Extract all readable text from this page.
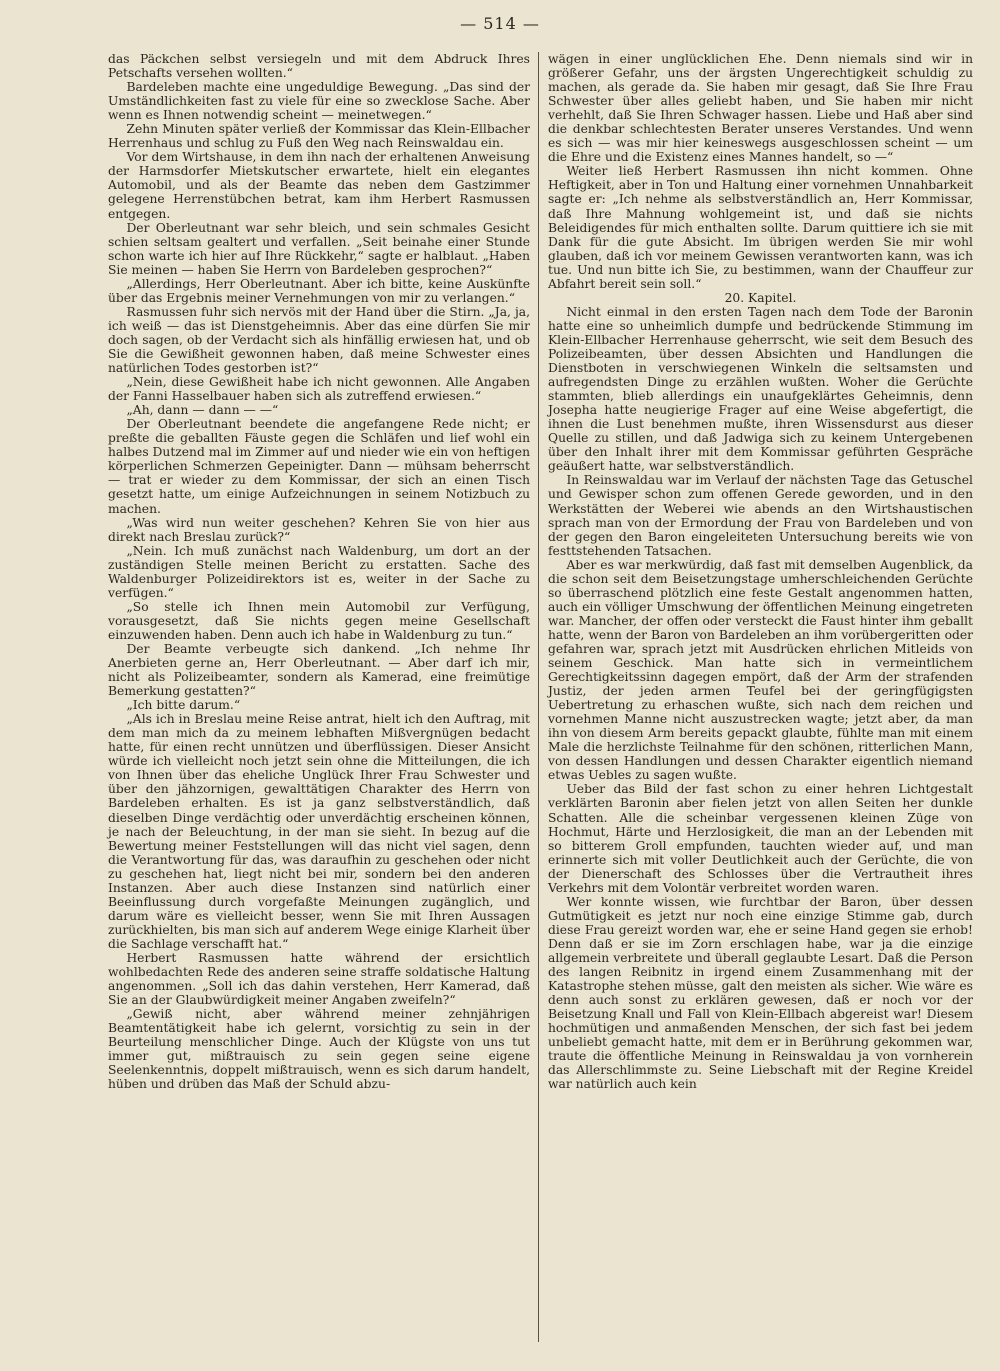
— 514 —

das Päckchen selbst versiegeln und mit dem Abdruck Ihres Petschafts versehen wollten.“

Bardeleben machte eine ungeduldige Bewegung. „Das sind der Umständlichkeiten fast zu viele für eine so zwecklose Sache. Aber wenn es Ihnen notwendig scheint — meinetwegen.“

Zehn Minuten später verließ der Kommissar das Klein-Ellbacher Herrenhaus und schlug zu Fuß den Weg nach Reinswaldau ein.

Vor dem Wirtshause, in dem ihn nach der erhaltenen Anweisung der Harmsdorfer Mietskutscher erwartete, hielt ein elegantes Automobil, und als der Beamte das neben dem Gastzimmer gelegene Herrenstübchen betrat, kam ihm Herbert Rasmussen entgegen.

Der Oberleutnant war sehr bleich, und sein schmales Gesicht schien seltsam gealtert und verfallen. „Seit beinahe einer Stunde schon warte ich hier auf Ihre Rückkehr,“ sagte er halblaut. „Haben Sie meinen — haben Sie Herrn von Bardeleben gesprochen?“

„Allerdings, Herr Oberleutnant. Aber ich bitte, keine Auskünfte über das Ergebnis meiner Vernehmungen von mir zu verlangen.“

Rasmussen fuhr sich nervös mit der Hand über die Stirn. „Ja, ja, ich weiß — das ist Dienstgeheimnis. Aber das eine dürfen Sie mir doch sagen, ob der Verdacht sich als hinfällig erwiesen hat, und ob Sie die Gewißheit gewonnen haben, daß meine Schwester eines natürlichen Todes gestorben ist?“

„Nein, diese Gewißheit habe ich nicht gewonnen. Alle Angaben der Fanni Hasselbauer haben sich als zutreffend erwiesen.“

„Ah, dann — dann — —“

Der Oberleutnant beendete die angefangene Rede nicht; er preßte die geballten Fäuste gegen die Schläfen und lief wohl ein halbes Dutzend mal im Zimmer auf und nieder wie ein von heftigen körperlichen Schmerzen Gepeinigter. Dann — mühsam beherrscht — trat er wieder zu dem Kommissar, der sich an einen Tisch gesetzt hatte, um einige Aufzeichnungen in seinem Notizbuch zu machen.

„Was wird nun weiter geschehen? Kehren Sie von hier aus direkt nach Breslau zurück?“

„Nein. Ich muß zunächst nach Waldenburg, um dort an der zuständigen Stelle meinen Bericht zu erstatten. Sache des Waldenburger Polizeidirektors ist es, weiter in der Sache zu verfügen.“

„So stelle ich Ihnen mein Automobil zur Verfügung, vorausgesetzt, daß Sie nichts gegen meine Gesellschaft einzuwenden haben. Denn auch ich habe in Waldenburg zu tun.“

Der Beamte verbeugte sich dankend. „Ich nehme Ihr Anerbieten gerne an, Herr Oberleutnant. — Aber darf ich mir, nicht als Polizeibeamter, sondern als Kamerad, eine freimütige Bemerkung gestatten?“

„Ich bitte darum.“

„Als ich in Breslau meine Reise antrat, hielt ich den Auftrag, mit dem man mich da zu meinem lebhaften Mißvergnügen bedacht hatte, für einen recht unnützen und überflüssigen. Dieser Ansicht würde ich vielleicht noch jetzt sein ohne die Mitteilungen, die ich von Ihnen über das eheliche Unglück Ihrer Frau Schwester und über den jähzornigen, gewalttätigen Charakter des Herrn von Bardeleben erhalten. Es ist ja ganz selbstverständlich, daß dieselben Dinge verdächtig oder unverdächtig erscheinen können, je nach der Beleuchtung, in der man sie sieht. In bezug auf die Bewertung meiner Feststellungen will das nicht viel sagen, denn die Verantwortung für das, was daraufhin zu geschehen oder nicht zu geschehen hat, liegt nicht bei mir, sondern bei den anderen Instanzen. Aber auch diese Instanzen sind natürlich einer Beeinflussung durch vorgefaßte Meinungen zugänglich, und darum wäre es vielleicht besser, wenn Sie mit Ihren Aussagen zurückhielten, bis man sich auf anderem Wege einige Klarheit über die Sachlage verschafft hat.“

Herbert Rasmussen hatte während der ersichtlich wohlbedachten Rede des anderen seine straffe soldatische Haltung angenommen. „Soll ich das dahin verstehen, Herr Kamerad, daß Sie an der Glaubwürdigkeit meiner Angaben zweifeln?“

„Gewiß nicht, aber während meiner zehnjährigen Beamtentätigkeit habe ich gelernt, vorsichtig zu sein in der Beurteilung menschlicher Dinge. Auch der Klügste von uns tut immer gut, mißtrauisch zu sein gegen seine eigene Seelenkenntnis, doppelt mißtrauisch, wenn es sich darum handelt, hüben und drüben das Maß der Schuld abzu-

wägen in einer unglücklichen Ehe. Denn niemals sind wir in größerer Gefahr, uns der ärgsten Ungerechtigkeit schuldig zu machen, als gerade da. Sie haben mir gesagt, daß Sie Ihre Frau Schwester über alles geliebt haben, und Sie haben mir nicht verhehlt, daß Sie Ihren Schwager hassen. Liebe und Haß aber sind die denkbar schlechtesten Berater unseres Verstandes. Und wenn es sich — was mir hier keineswegs ausgeschlossen scheint — um die Ehre und die Existenz eines Mannes handelt, so —“

Weiter ließ Herbert Rasmussen ihn nicht kommen. Ohne Heftigkeit, aber in Ton und Haltung einer vornehmen Unnahbarkeit sagte er: „Ich nehme als selbstverständlich an, Herr Kommissar, daß Ihre Mahnung wohlgemeint ist, und daß sie nichts Beleidigendes für mich enthalten sollte. Darum quittiere ich sie mit Dank für die gute Absicht. Im übrigen werden Sie mir wohl glauben, daß ich vor meinem Gewissen verantworten kann, was ich tue. Und nun bitte ich Sie, zu bestimmen, wann der Chauffeur zur Abfahrt bereit sein soll.“

20. Kapitel.

Nicht einmal in den ersten Tagen nach dem Tode der Baronin hatte eine so unheimlich dumpfe und bedrückende Stimmung im Klein-Ellbacher Herrenhause geherrscht, wie seit dem Besuch des Polizeibeamten, über dessen Absichten und Handlungen die Dienstboten in verschwiegenen Winkeln die seltsamsten und aufregendsten Dinge zu erzählen wußten. Woher die Gerüchte stammten, blieb allerdings ein unaufgeklärtes Geheimnis, denn Josepha hatte neugierige Frager auf eine Weise abgefertigt, die ihnen die Lust benehmen mußte, ihren Wissensdurst aus dieser Quelle zu stillen, und daß Jadwiga sich zu keinem Untergebenen über den Inhalt ihrer mit dem Kommissar geführten Gespräche geäußert hatte, war selbstverständlich.

In Reinswaldau war im Verlauf der nächsten Tage das Getuschel und Gewisper schon zum offenen Gerede geworden, und in den Werkstätten der Weberei wie abends an den Wirtshaustischen sprach man von der Ermordung der Frau von Bardeleben und von der gegen den Baron eingeleiteten Untersuchung bereits wie von festtstehenden Tatsachen.

Aber es war merkwürdig, daß fast mit demselben Augenblick, da die schon seit dem Beisetzungstage umherschleichenden Gerüchte so überraschend plötzlich eine feste Gestalt angenommen hatten, auch ein völliger Umschwung der öffentlichen Meinung eingetreten war. Mancher, der offen oder versteckt die Faust hinter ihm geballt hatte, wenn der Baron von Bardeleben an ihm vorübergeritten oder gefahren war, sprach jetzt mit Ausdrücken ehrlichen Mitleids von seinem Geschick. Man hatte sich in vermeintlichem Gerechtigkeitssinn dagegen empört, daß der Arm der strafenden Justiz, der jeden armen Teufel bei der geringfügigsten Uebertretung zu erhaschen wußte, sich nach dem reichen und vornehmen Manne nicht auszustrecken wagte; jetzt aber, da man ihn von diesem Arm bereits gepackt glaubte, fühlte man mit einem Male die herzlichste Teilnahme für den schönen, ritterlichen Mann, von dessen Handlungen und dessen Charakter eigentlich niemand etwas Uebles zu sagen wußte.

Ueber das Bild der fast schon zu einer hehren Lichtgestalt verklärten Baronin aber fielen jetzt von allen Seiten her dunkle Schatten. Alle die scheinbar vergessenen kleinen Züge von Hochmut, Härte und Herzlosigkeit, die man an der Lebenden mit so bitterem Groll empfunden, tauchten wieder auf, und man erinnerte sich mit voller Deutlichkeit auch der Gerüchte, die von der Dienerschaft des Schlosses über die Vertrautheit ihres Verkehrs mit dem Volontär verbreitet worden waren.

Wer konnte wissen, wie furchtbar der Baron, über dessen Gutmütigkeit es jetzt nur noch eine einzige Stimme gab, durch diese Frau gereizt worden war, ehe er seine Hand gegen sie erhob! Denn daß er sie im Zorn erschlagen habe, war ja die einzige allgemein verbreitete und überall geglaubte Lesart. Daß die Person des langen Reibnitz in irgend einem Zusammenhang mit der Katastrophe stehen müsse, galt den meisten als sicher. Wie wäre es denn auch sonst zu erklären gewesen, daß er noch vor der Beisetzung Knall und Fall von Klein-Ellbach abgereist war! Diesem hochmütigen und anmaßenden Menschen, der sich fast bei jedem unbeliebt gemacht hatte, mit dem er in Berührung gekommen war, traute die öffentliche Meinung in Reinswaldau ja von vornherein das Allerschlimmste zu. Seine Liebschaft mit der Regine Kreidel war natürlich auch kein
